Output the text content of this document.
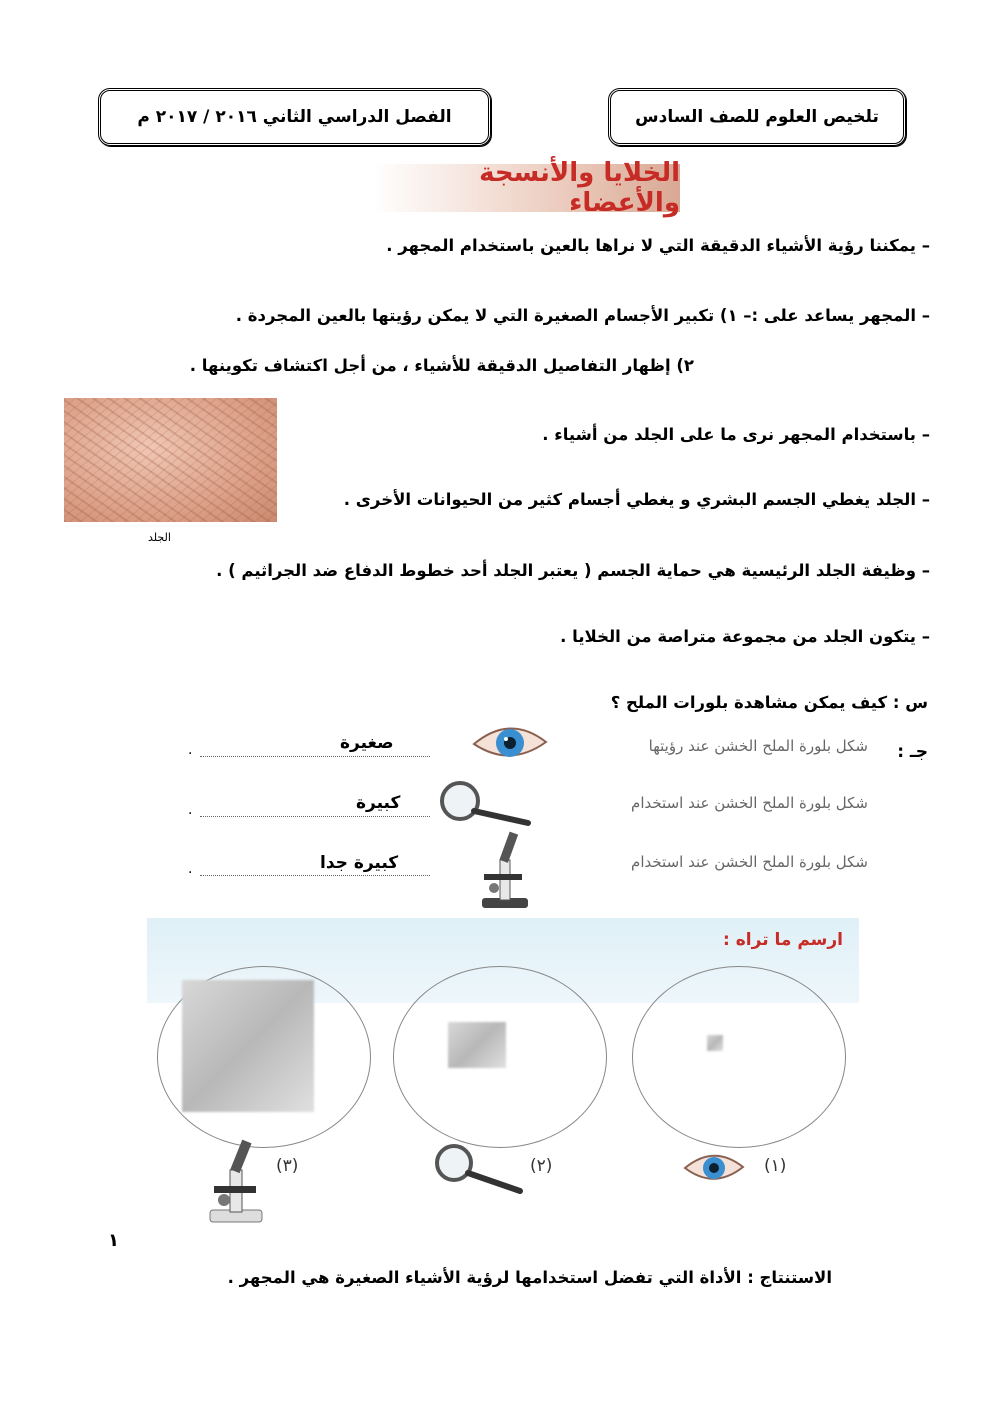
الفصل الدراسي الثاني ٢٠١٦ / ٢٠١٧ م	تلخيص العلوم للصف السادس
الخلايا والأنسجة والأعضاء
– يمكننا رؤية الأشياء الدقيقة التي لا نراها بالعين باستخدام المجهر .
– المجهر يساعد على :– ١) تكبير الأجسام الصغيرة التي لا يمكن رؤيتها بالعين المجردة .
٢) إظهار التفاصيل الدقيقة للأشياء ، من أجل اكتشاف تكوينها .
– باستخدام المجهر نرى ما على الجلد من أشياء .
– الجلد يغطي الجسم البشري و يغطي أجسام كثير من الحيوانات الأخرى .
– وظيفة الجلد الرئيسية هي حماية الجسم ( يعتبر الجلد أحد خطوط الدفاع ضد الجراثيم ) .
– يتكون الجلد من مجموعة متراصة من الخلايا .
الجلد
س : كيف يمكن مشاهدة بلورات الملح ؟
جـ :
شكل بلورة الملح الخشن عند رؤيتها
صغيرة
.
شكل بلورة الملح الخشن عند استخدام
كبيرة
.
شكل بلورة الملح الخشن عند استخدام
كبيرة جدا
.
ارسم ما تراه :
(٣)	(٢)	(١)
١
الاستنتاج : الأداة التي تفضل استخدامها لرؤية الأشياء الصغيرة هي المجهر .
